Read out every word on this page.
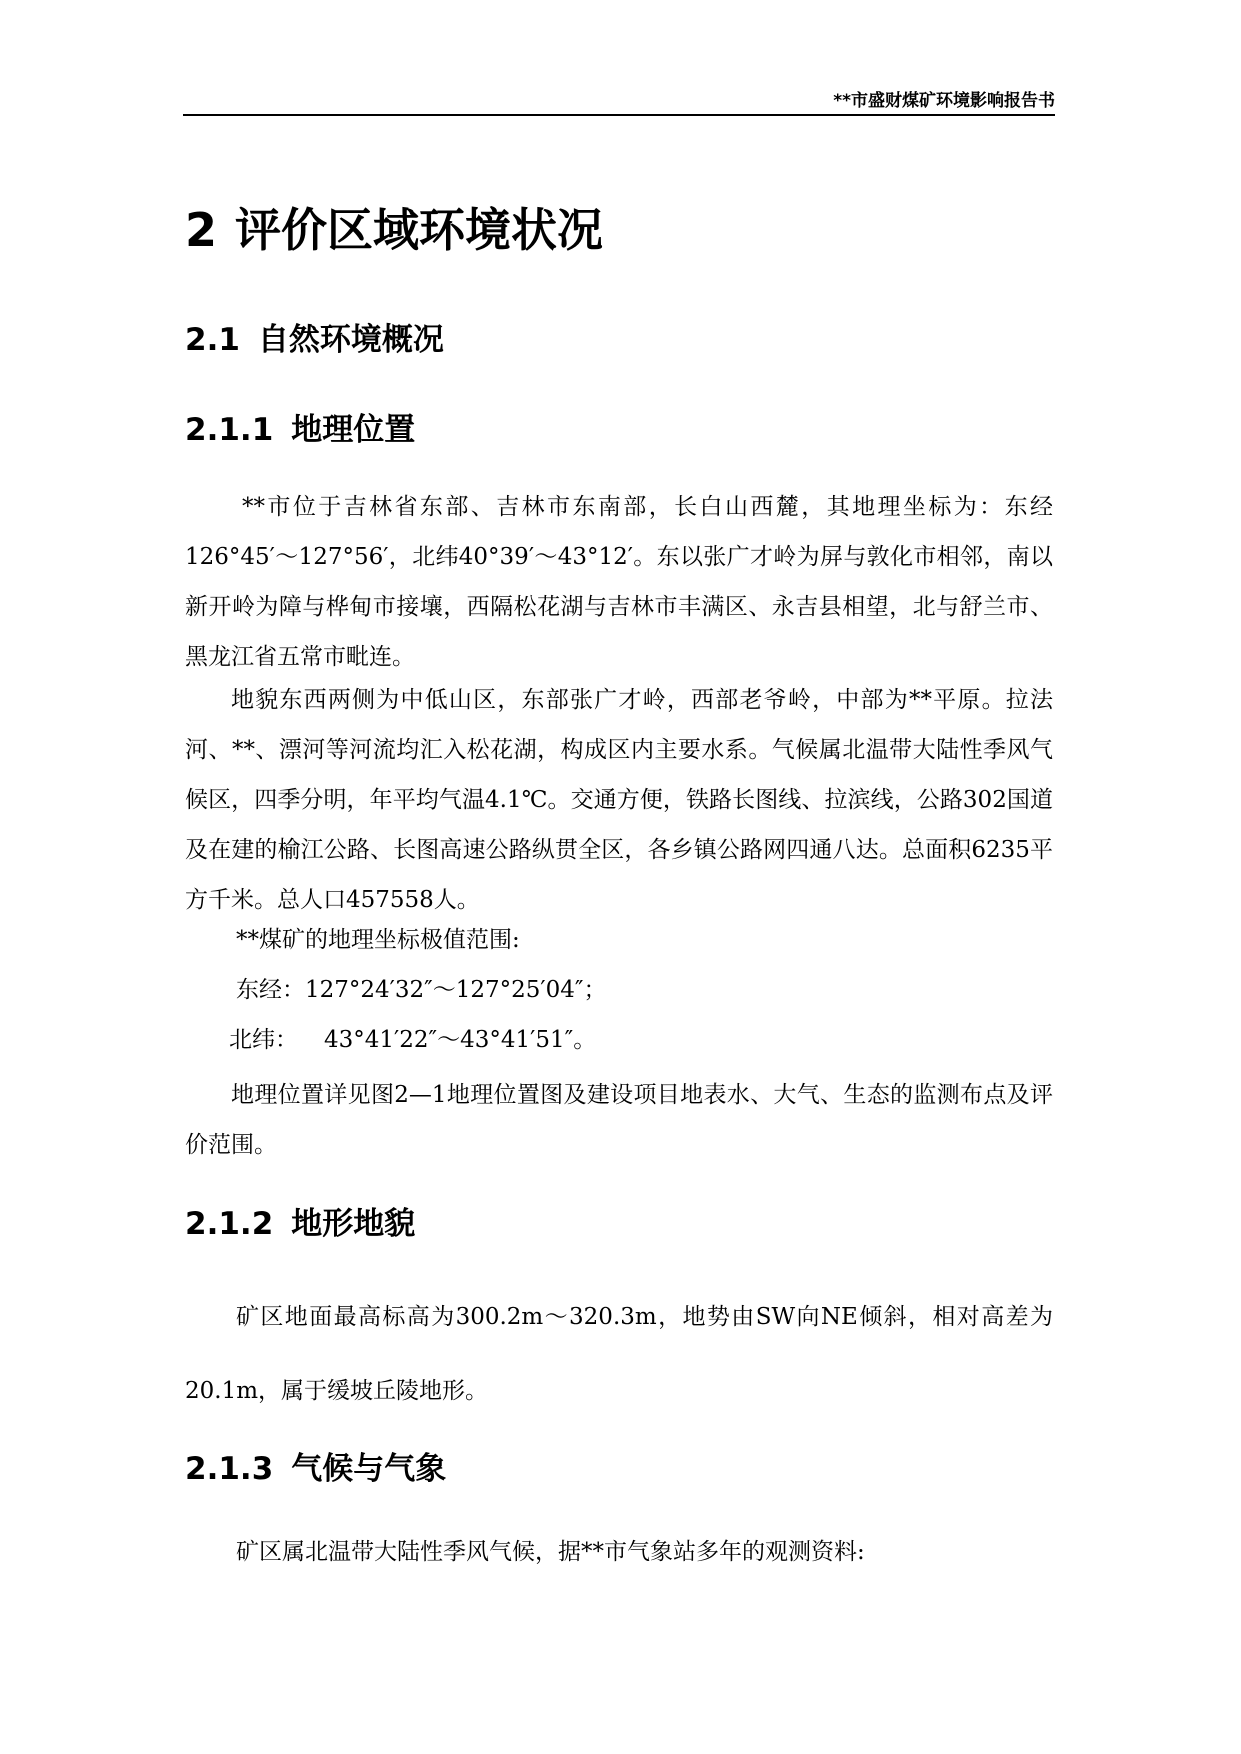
**市盛财煤矿环境影响报告书
2 评价区域环境状况
2.1 自然环境概况
2.1.1 地理位置

**市位于吉林省东部、吉林市东南部，长白山西麓，其地理坐标为：东经126°45′～127°56′，北纬40°39′～43°12′。东以张广才岭为屏与敦化市相邻，南以新开岭为障与桦甸市接壤，西隔松花湖与吉林市丰满区、永吉县相望，北与舒兰市、黑龙江省五常市毗连。

地貌东西两侧为中低山区，东部张广才岭，西部老爷岭，中部为**平原。拉法河、**、漂河等河流均汇入松花湖，构成区内主要水系。气候属北温带大陆性季风气候区，四季分明，年平均气温4.1℃。交通方便，铁路长图线、拉滨线，公路302国道及在建的榆江公路、长图高速公路纵贯全区，各乡镇公路网四通八达。总面积6235平方千米。总人口457558人。

**煤矿的地理坐标极值范围:

东经：127°24′32″～127°25′04″；

北纬： 43°41′22″～43°41′51″。

地理位置详见图2—1地理位置图及建设项目地表水、大气、生态的监测布点及评价范围。

2.1.2 地形地貌

矿区地面最高标高为300.2m～320.3m，地势由SW向NE倾斜，相对高差为20.1m，属于缓坡丘陵地形。

2.1.3 气候与气象

矿区属北温带大陆性季风气候，据**市气象站多年的观测资料:
